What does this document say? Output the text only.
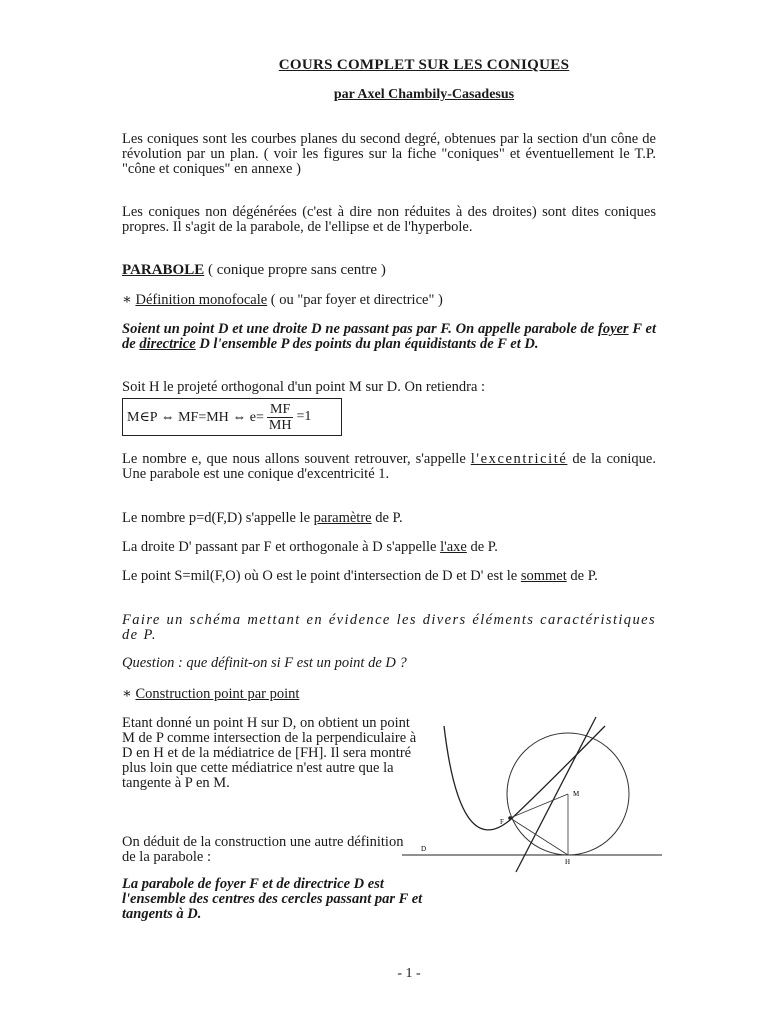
COURS COMPLET SUR LES CONIQUES
par Axel Chambily-Casadesus

Les coniques sont les courbes planes du second degré, obtenues par la section d'un cône de révolution par un plan. ( voir les figures sur la fiche "coniques" et éventuellement le T.P. "cône et coniques" en annexe )

Les coniques non dégénérées (c'est à dire non réduites à des droites) sont dites coniques propres. Il s'agit de la parabole, de l'ellipse et de l'hyperbole.

PARABOLE ( conique propre sans centre )
∗ Définition monofocale ( ou "par foyer et directrice" )

Soient un point D et une droite D ne passant pas par F. On appelle parabole de foyer F et de directrice D l'ensemble P des points du plan équidistants de F et D.

Soit H le projeté orthogonal d'un point M sur D. On retiendra :

M∈P ⇔ MF=MH ⇔ $e= \frac{MF}{MH} =1$

Le nombre e, que nous allons souvent retrouver, s'appelle l'excentricité de la conique. Une parabole est une conique d'excentricité 1.

Le nombre p=d(F,D) s'appelle le paramètre de P.

La droite D' passant par F et orthogonale à D s'appelle l'axe de P.

Le point S=mil(F,O) où O est le point d'intersection de D et D' est le sommet de P.

Faire un schéma mettant en évidence les divers éléments caractéristiques de P.

Question : que définit-on si F est un point de D ?

∗ Construction point par point

Etant donné un point H sur D, on obtient un point M de P comme intersection de la perpendiculaire à D en H et de la médiatrice de [FH]. Il sera montré plus loin que cette médiatrice n'est autre que la tangente à P en M.

On déduit de la construction une autre définition de la parabole :

La parabole de foyer F et de directrice D est l'ensemble des centres des cercles passant par F et tangents à D.

M
F
D
H
- 1 -
